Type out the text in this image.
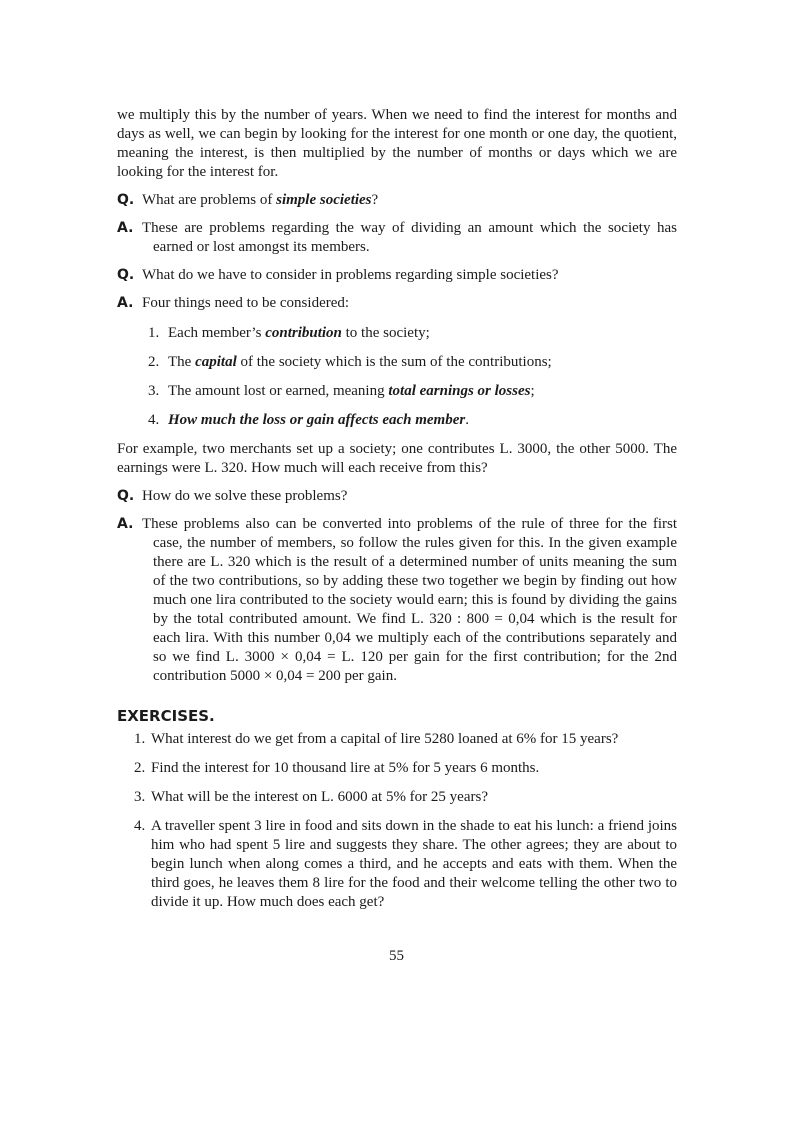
we multiply this by the number of years. When we need to find the interest for months and days as well, we can begin by looking for the interest for one month or one day, the quotient, meaning the interest, is then multiplied by the number of months or days which we are looking for the interest for.

Q. What are problems of simple societies?
A. These are problems regarding the way of dividing an amount which the society has earned or lost amongst its members.
Q. What do we have to consider in problems regarding simple societies?
A. Four things need to be considered:
1. Each member’s contribution to the society;
2. The capital of the society which is the sum of the contributions;
3. The amount lost or earned, meaning total earnings or losses;
4. How much the loss or gain affects each member.

For example, two merchants set up a society; one contributes L. 3000, the other 5000. The earnings were L. 320. How much will each receive from this?

Q. How do we solve these problems?
A. These problems also can be converted into problems of the rule of three for the first case, the number of members, so follow the rules given for this. In the given example there are L. 320 which is the result of a determined number of units meaning the sum of the two contributions, so by adding these two together we begin by finding out how much one lira contributed to the society would earn; this is found by dividing the gains by the total contributed amount. We find L. 320 : 800 = 0,04 which is the result for each lira. With this number 0,04 we multiply each of the contributions separately and so we find L. 3000 × 0,04 = L. 120 per gain for the first contribution; for the 2nd contribution 5000 × 0,04 = 200 per gain.
EXERCISES.
1. What interest do we get from a capital of lire 5280 loaned at 6% for 15 years?
2. Find the interest for 10 thousand lire at 5% for 5 years 6 months.
3. What will be the interest on L. 6000 at 5% for 25 years?
4. A traveller spent 3 lire in food and sits down in the shade to eat his lunch: a friend joins him who had spent 5 lire and suggests they share. The other agrees; they are about to begin lunch when along comes a third, and he accepts and eats with them. When the third goes, he leaves them 8 lire for the food and their welcome telling the other two to divide it up. How much does each get?
55
